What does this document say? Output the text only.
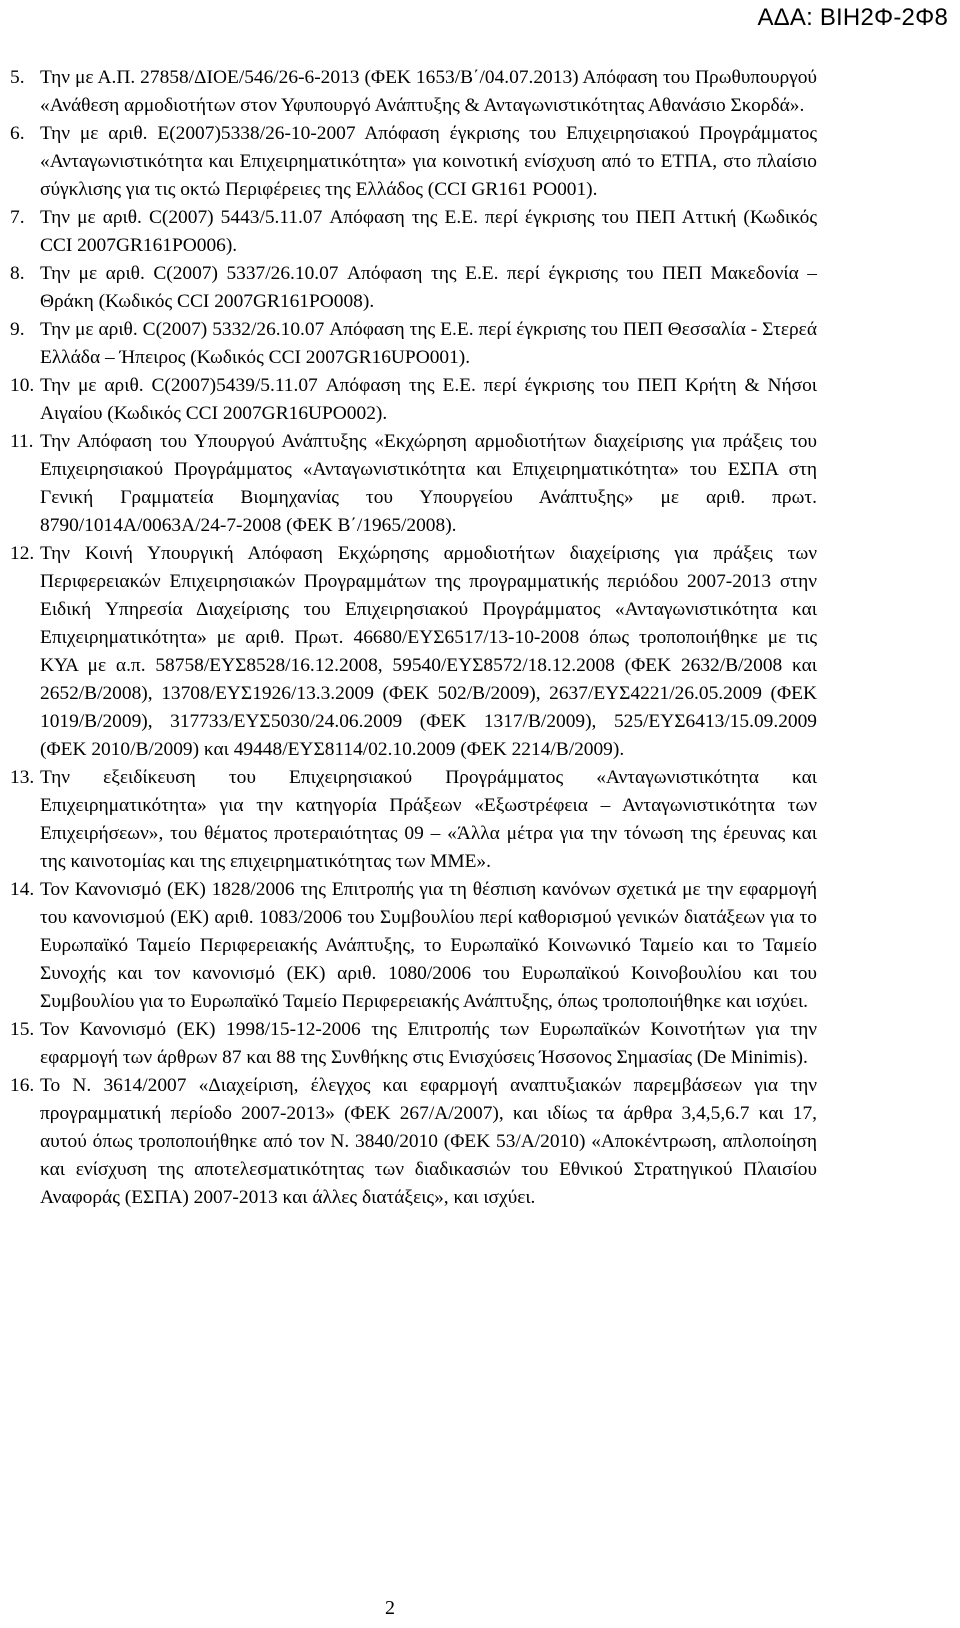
ΑΔΑ: ΒΙΗ2Φ-2Φ8
5. Την με Α.Π. 27858/ΔΙΟΕ/546/26-6-2013 (ΦΕΚ 1653/Β΄/04.07.2013) Απόφαση του Πρωθυπουργού «Ανάθεση αρμοδιοτήτων στον Υφυπουργό Ανάπτυξης & Ανταγωνιστικότητας Αθανάσιο Σκορδά».
6. Την με αριθ. Ε(2007)5338/26-10-2007 Απόφαση έγκρισης του Επιχειρησιακού Προγράμματος «Ανταγωνιστικότητα και Επιχειρηματικότητα» για κοινοτική ενίσχυση από το ΕΤΠΑ, στο πλαίσιο σύγκλισης για τις οκτώ Περιφέρειες της Ελλάδος (CCI GR161 PO001).
7. Την με αριθ. C(2007) 5443/5.11.07 Απόφαση της Ε.Ε. περί έγκρισης του ΠΕΠ Αττική (Κωδικός CCI 2007GR161PO006).
8. Την με αριθ. C(2007) 5337/26.10.07 Απόφαση της Ε.Ε. περί έγκρισης του ΠΕΠ Μακεδονία – Θράκη (Κωδικός CCI 2007GR161PO008).
9. Την με αριθ. C(2007) 5332/26.10.07 Απόφαση της Ε.Ε. περί έγκρισης του ΠΕΠ Θεσσαλία - Στερεά Ελλάδα – Ήπειρος (Κωδικός CCI 2007GR16UPO001).
10. Την με αριθ. C(2007)5439/5.11.07 Απόφαση της Ε.Ε. περί έγκρισης του ΠΕΠ Κρήτη & Νήσοι Αιγαίου (Κωδικός CCI 2007GR16UPO002).
11. Την Απόφαση του Υπουργού Ανάπτυξης «Εκχώρηση αρμοδιοτήτων διαχείρισης για πράξεις του Επιχειρησιακού Προγράμματος «Ανταγωνιστικότητα και Επιχειρηματικότητα» του ΕΣΠΑ στη Γενική Γραμματεία Βιομηχανίας του Υπουργείου Ανάπτυξης» με αριθ. πρωτ. 8790/1014Α/0063Α/24-7-2008 (ΦΕΚ Β΄/1965/2008).
12. Την Κοινή Υπουργική Απόφαση Εκχώρησης αρμοδιοτήτων διαχείρισης για πράξεις των Περιφερειακών Επιχειρησιακών Προγραμμάτων της προγραμματικής περιόδου 2007-2013 στην Ειδική Υπηρεσία Διαχείρισης του Επιχειρησιακού Προγράμματος «Ανταγωνιστικότητα και Επιχειρηματικότητα» με αριθ. Πρωτ. 46680/ΕΥΣ6517/13-10-2008 όπως τροποποιήθηκε με τις ΚΥΑ με α.π. 58758/ΕΥΣ8528/16.12.2008, 59540/ΕΥΣ8572/18.12.2008 (ΦΕΚ 2632/Β/2008 και 2652/Β/2008), 13708/ΕΥΣ1926/13.3.2009 (ΦΕΚ 502/Β/2009), 2637/ΕΥΣ4221/26.05.2009 (ΦΕΚ 1019/Β/2009), 317733/ΕΥΣ5030/24.06.2009 (ΦΕΚ 1317/Β/2009), 525/ΕΥΣ6413/15.09.2009 (ΦΕΚ 2010/Β/2009) και 49448/ΕΥΣ8114/02.10.2009 (ΦΕΚ 2214/Β/2009).
13. Την εξειδίκευση του Επιχειρησιακού Προγράμματος «Ανταγωνιστικότητα και Επιχειρηματικότητα» για την κατηγορία Πράξεων «Εξωστρέφεια – Ανταγωνιστικότητα των Επιχειρήσεων», του θέματος προτεραιότητας 09 – «Άλλα μέτρα για την τόνωση της έρευνας και της καινοτομίας και της επιχειρηματικότητας των ΜΜΕ».
14. Τον Κανονισμό (ΕΚ) 1828/2006 της Επιτροπής για τη θέσπιση κανόνων σχετικά με την εφαρμογή του κανονισμού (ΕΚ) αριθ. 1083/2006 του Συμβουλίου περί καθορισμού γενικών διατάξεων για το Ευρωπαϊκό Ταμείο Περιφερειακής Ανάπτυξης, το Ευρωπαϊκό Κοινωνικό Ταμείο και το Ταμείο Συνοχής και τον κανονισμό (ΕΚ) αριθ. 1080/2006 του Ευρωπαϊκού Κοινοβουλίου και του Συμβουλίου για το Ευρωπαϊκό Ταμείο Περιφερειακής Ανάπτυξης, όπως τροποποιήθηκε και ισχύει.
15. Τον Κανονισμό (ΕΚ) 1998/15-12-2006 της Επιτροπής των Ευρωπαϊκών Κοινοτήτων για την εφαρμογή των άρθρων 87 και 88 της Συνθήκης στις Ενισχύσεις Ήσσονος Σημασίας (De Minimis).
16. Το Ν. 3614/2007 «Διαχείριση, έλεγχος και εφαρμογή αναπτυξιακών παρεμβάσεων για την προγραμματική περίοδο 2007-2013» (ΦΕΚ 267/Α/2007), και ιδίως τα άρθρα 3,4,5,6.7 και 17, αυτού όπως τροποποιήθηκε από τον Ν. 3840/2010 (ΦΕΚ 53/Α/2010) «Αποκέντρωση, απλοποίηση και ενίσχυση της αποτελεσματικότητας των διαδικασιών του Εθνικού Στρατηγικού Πλαισίου Αναφοράς (ΕΣΠΑ) 2007-2013 και άλλες διατάξεις», και ισχύει.
2
